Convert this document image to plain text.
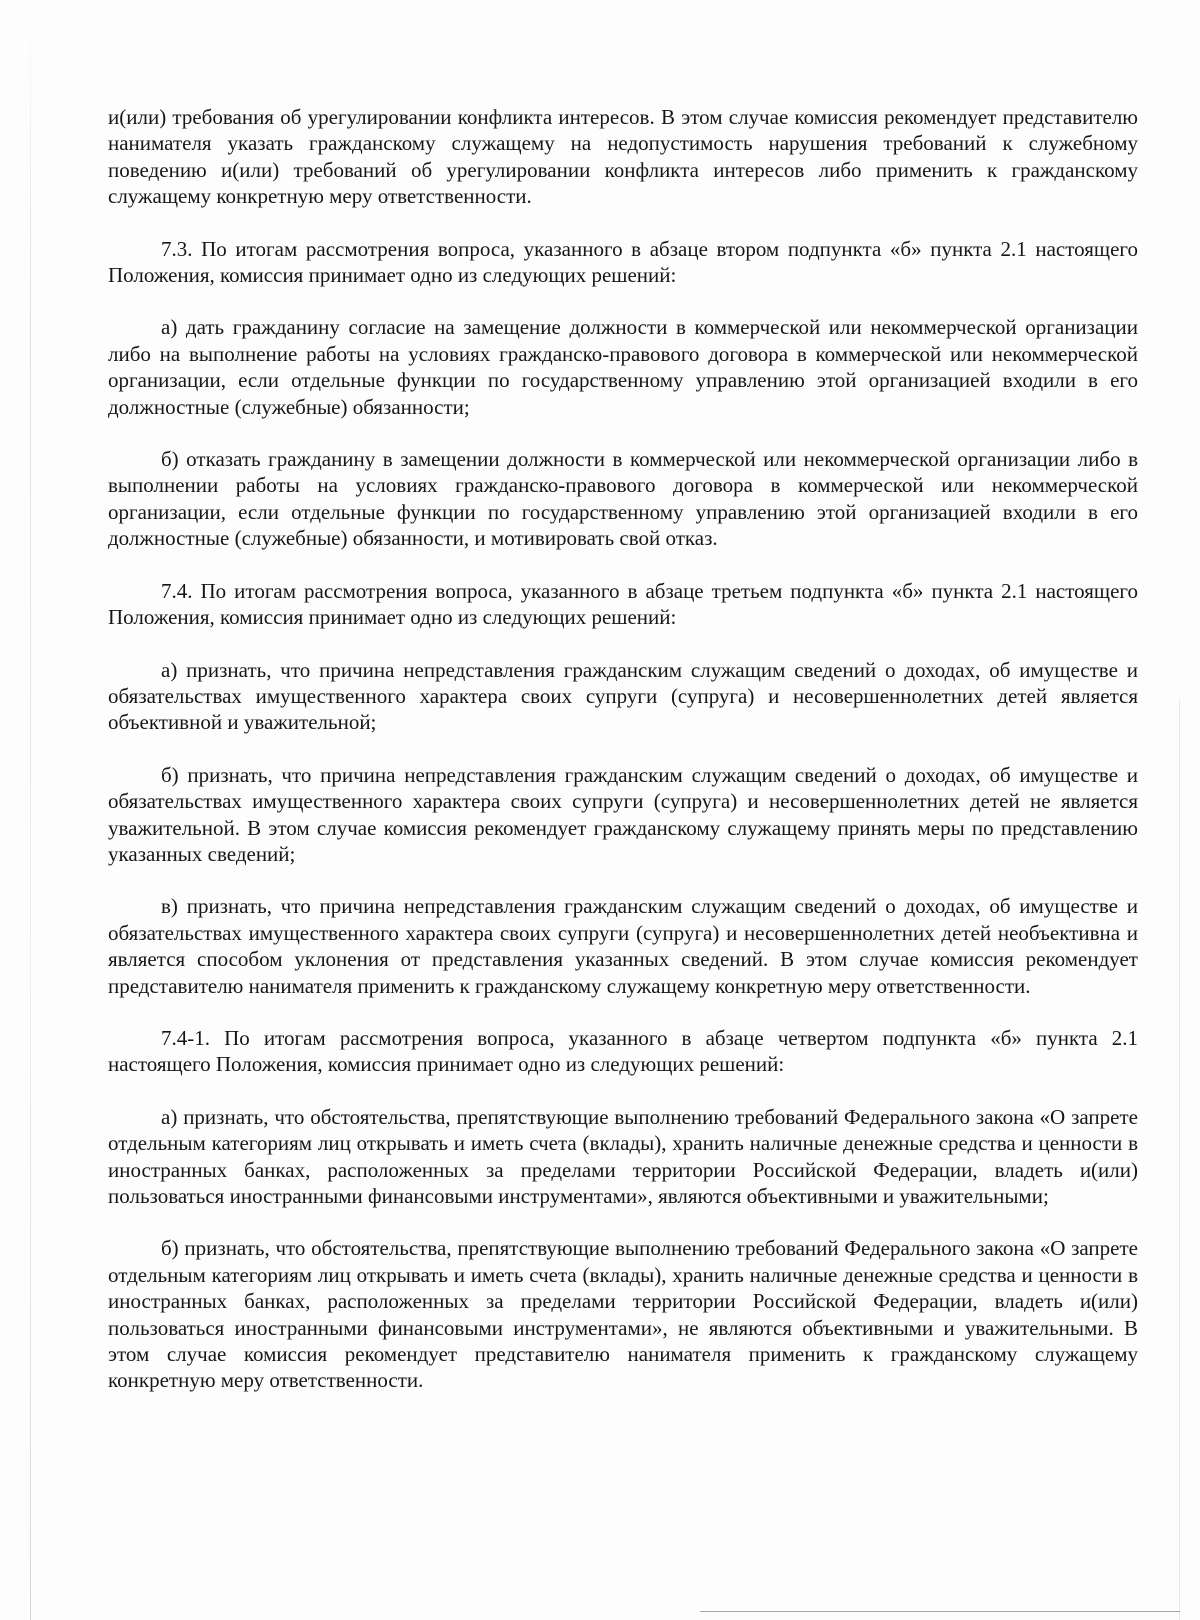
и(или) требования об урегулировании конфликта интересов. В этом случае комиссия рекомендует представителю нанимателя указать гражданскому служащему на недопустимость нарушения требований к служебному поведению и(или) требований об урегулировании конфликта интересов либо применить к гражданскому служащему конкретную меру ответственности.

7.3. По итогам рассмотрения вопроса, указанного в абзаце втором подпункта «б» пункта 2.1 настоящего Положения, комиссия принимает одно из следующих решений:

а) дать гражданину согласие на замещение должности в коммерческой или некоммерческой организации либо на выполнение работы на условиях гражданско-правового договора в коммерческой или некоммерческой организации, если отдельные функции по государственному управлению этой организацией входили в его должностные (служебные) обязанности;

б) отказать гражданину в замещении должности в коммерческой или некоммерческой организации либо в выполнении работы на условиях гражданско-правового договора в коммерческой или некоммерческой организации, если отдельные функции по государственному управлению этой организацией входили в его должностные (служебные) обязанности, и мотивировать свой отказ.

7.4. По итогам рассмотрения вопроса, указанного в абзаце третьем подпункта «б» пункта 2.1 настоящего Положения, комиссия принимает одно из следующих решений:

а) признать, что причина непредставления гражданским служащим сведений о доходах, об имуществе и обязательствах имущественного характера своих супруги (супруга) и несовершеннолетних детей является объективной и уважительной;

б) признать, что причина непредставления гражданским служащим сведений о доходах, об имуществе и обязательствах имущественного характера своих супруги (супруга) и несовершеннолетних детей не является уважительной. В этом случае комиссия рекомендует гражданскому служащему принять меры по представлению указанных сведений;

в) признать, что причина непредставления гражданским служащим сведений о доходах, об имуществе и обязательствах имущественного характера своих супруги (супруга) и несовершеннолетних детей необъективна и является способом уклонения от представления указанных сведений. В этом случае комиссия рекомендует представителю нанимателя применить к гражданскому служащему конкретную меру ответственности.

7.4-1. По итогам рассмотрения вопроса, указанного в абзаце четвертом подпункта «б» пункта 2.1 настоящего Положения, комиссия принимает одно из следующих решений:

а) признать, что обстоятельства, препятствующие выполнению требований Федерального закона «О запрете отдельным категориям лиц открывать и иметь счета (вклады), хранить наличные денежные средства и ценности в иностранных банках, расположенных за пределами территории Российской Федерации, владеть и(или) пользоваться иностранными финансовыми инструментами», являются объективными и уважительными;

б) признать, что обстоятельства, препятствующие выполнению требований Федерального закона «О запрете отдельным категориям лиц открывать и иметь счета (вклады), хранить наличные денежные средства и ценности в иностранных банках, расположенных за пределами территории Российской Федерации, владеть и(или) пользоваться иностранными финансовыми инструментами», не являются объективными и уважительными. В этом случае комиссия рекомендует представителю нанимателя применить к гражданскому служащему конкретную меру ответственности.
